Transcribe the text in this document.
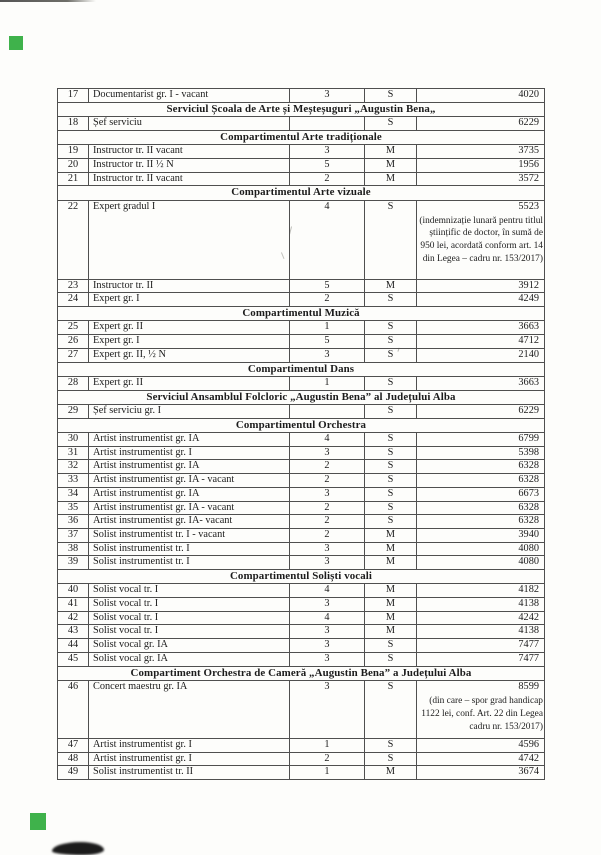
17	Documentarist gr. I - vacant	3	S	4020
Serviciul Școala de Arte și Meșteșuguri „Augustin Bena„				
18	Șef serviciu		S	6229
Compartimentul Arte tradiționale				
19	Instructor tr. II vacant	3	M	3735
20	Instructor tr. II ½ N	5	M	1956
21	Instructor tr. II vacant	2	M	3572
Compartimentul Arte vizuale				
22	Expert gradul I	4	S	5523
(indemnizație lunară pentru titlul
științific de doctor, în sumă de
950 lei, acordată conform art. 14
din Legea – cadru nr. 153/2017)

23	Instructor tr. II	5	M	3912
24	Expert gr. I	2	S	4249
Compartimentul Muzică				
25	Expert gr. II	1	S	3663
26	Expert gr. I	5	S	4712
27	Expert gr. II, ½ N	3	S	2140
Compartimentul Dans				
28	Expert gr. II	1	S	3663
Serviciul Ansamblul Folcloric „Augustin Bena” al Județului Alba				
29	Șef serviciu gr. I		S	6229
Compartimentul Orchestra				
30	Artist instrumentist gr. IA	4	S	6799
31	Artist instrumentist gr. I	3	S	5398
32	Artist instrumentist gr. IA	2	S	6328
33	Artist instrumentist gr. IA - vacant	2	S	6328
34	Artist instrumentist gr. IA	3	S	6673
35	Artist instrumentist gr. IA - vacant	2	S	6328
36	Artist instrumentist gr. IA- vacant	2	S	6328
37	Solist instrumentist tr. I - vacant	2	M	3940
38	Solist instrumentist tr. I	3	M	4080
39	Solist instrumentist tr. I	3	M	4080
Compartimentul Soliști vocali				
40	Solist vocal tr. I	4	M	4182
41	Solist vocal tr. I	3	M	4138
42	Solist vocal tr. I	4	M	4242
43	Solist vocal tr. I	3	M	4138
44	Solist vocal gr. IA	3	S	7477
45	Solist vocal gr. IA	3	S	7477
Compartiment Orchestra de Cameră „Augustin Bena” a Județului Alba				
46	Concert maestru gr. IA	3	S	8599
(din care – spor grad handicap
1122 lei, conf. Art. 22 din Legea
cadru nr. 153/2017)

47	Artist instrumentist gr. I	1	S	4596
48	Artist instrumentist gr. I	2	S	4742
49	Solist instrumentist tr. II	1	M	3674
